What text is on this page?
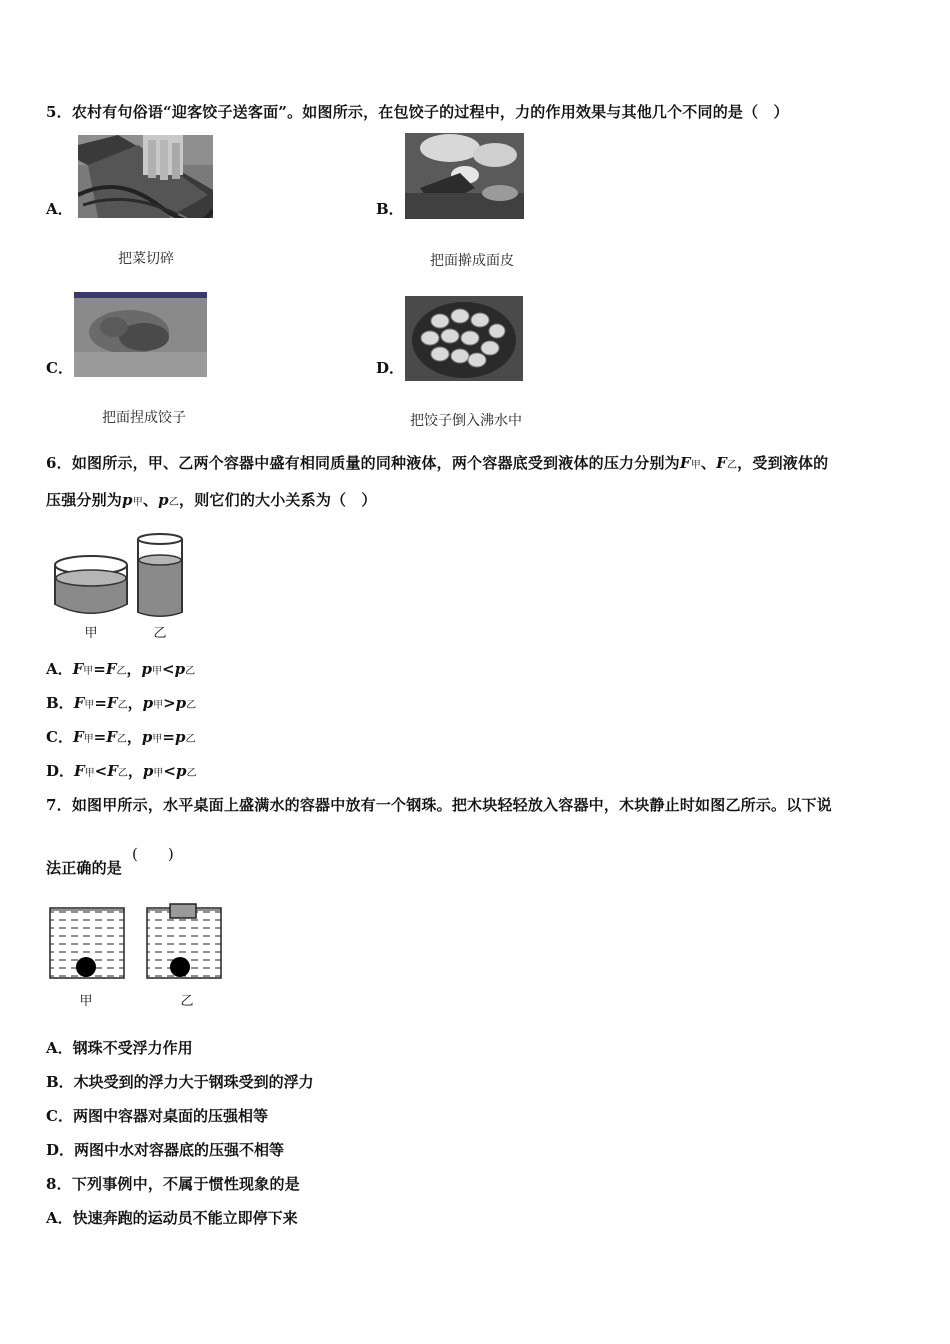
5．农村有句俗语“迎客饺子送客面”。如图所示，在包饺子的过程中，力的作用效果与其他几个不同的是（　）
A．
把菜切碎
B．
把面擀成面皮
C．
把面捏成饺子
D．
把饺子倒入沸水中
6．如图所示，甲、乙两个容器中盛有相同质量的同种液体，两个容器底受到液体的压力分别为F甲、F乙，受到液体的
压强分别为p甲、p乙，则它们的大小关系为（　）
甲	乙
A．F甲=F乙，p甲<p乙
B．F甲=F乙，p甲>p乙
C．F甲=F乙，p甲=p乙
D．F甲<F乙，p甲<p乙
7．如图甲所示，水平桌面上盛满水的容器中放有一个钢珠。把木块轻轻放入容器中，木块静止时如图乙所示。以下说
法正确的是
(　　)
甲	乙
A．钢珠不受浮力作用
B．木块受到的浮力大于钢珠受到的浮力
C．两图中容器对桌面的压强相等
D．两图中水对容器底的压强不相等
8．下列事例中，不属于惯性现象的是
A．快速奔跑的运动员不能立即停下来
